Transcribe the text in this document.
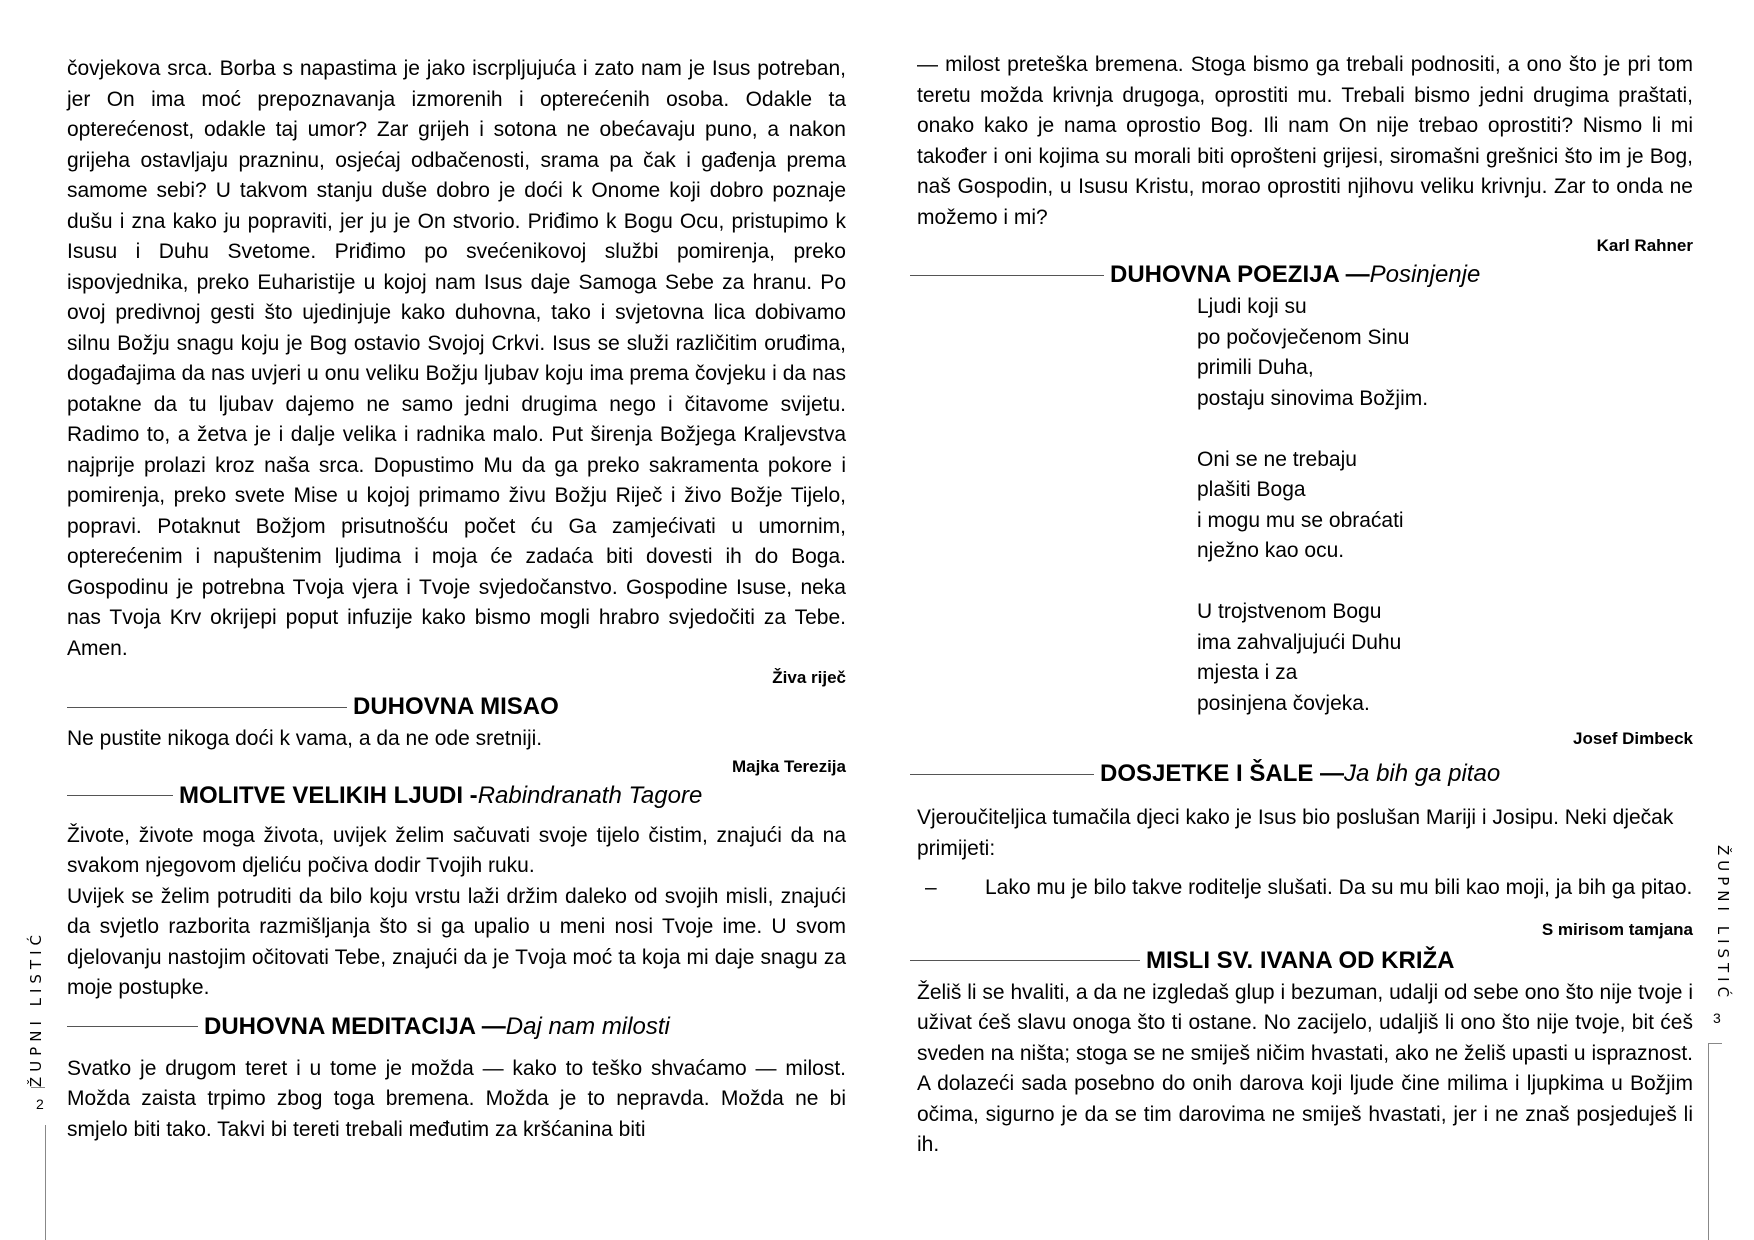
čovjekova srca. Borba s napastima je jako iscrpljujuća i zato nam je Isus potreban, jer On ima moć prepoznavanja izmorenih i opterećenih osoba. Odakle ta opterećenost, odakle taj umor? Zar grijeh i sotona ne obećavaju puno, a nakon grijeha ostavljaju prazninu, osjećaj odbačenosti, srama pa čak i gađenja prema samome sebi? U takvom stanju duše dobro je doći k Onome koji dobro poznaje dušu i zna kako ju popraviti, jer ju je On stvorio. Priđimo k Bogu Ocu, pristupimo k Isusu i Duhu Svetome. Priđimo po svećenikovoj službi pomirenja, preko ispovjednika, preko Euharistije u kojoj nam Isus daje Samoga Sebe za hranu. Po ovoj predivnoj gesti što ujedinjuje kako duhovna, tako i svjetovna lica dobivamo silnu Božju snagu koju je Bog ostavio Svojoj Crkvi. Isus se služi različitim oruđima, događajima da nas uvjeri u onu veliku Božju ljubav koju ima prema čovjeku i da nas potakne da tu ljubav dajemo ne samo jedni drugima nego i čitavome svijetu. Radimo to, a žetva je i dalje velika i radnika malo. Put širenja Božjega Kraljevstva najprije prolazi kroz naša srca. Dopustimo Mu da ga preko sakramenta pokore i pomirenja, preko svete Mise u kojoj primamo živu Božju Riječ i živo Božje Tijelo, popravi. Potaknut Božjom prisutnošću počet ću Ga zamjećivati u umornim, opterećenim i napuštenim ljudima i moja će zadaća biti dovesti ih do Boga. Gospodinu je potrebna Tvoja vjera i Tvoje svjedočanstvo. Gospodine Isuse, neka nas Tvoja Krv okrijepi poput infuzije kako bismo mogli hrabro svjedočiti za Tebe. Amen.

Živa riječ
DUHOVNA MISAO

Ne pustite nikoga doći k vama, a da ne ode sretniji.

Majka Terezija
MOLITVE VELIKIH LJUDI - Rabindranath Tagore

Živote, živote moga života, uvijek želim sačuvati svoje tijelo čistim, znajući da na svakom njegovom djeliću počiva dodir Tvojih ruku.

Uvijek se želim potruditi da bilo koju vrstu laži držim daleko od svojih misli, znajući da svjetlo razborita razmišljanja što si ga upalio u meni nosi Tvoje ime. U svom djelovanju nastojim očitovati Tebe, znajući da je Tvoja moć ta koja mi daje snagu za moje postupke.

DUHOVNA MEDITACIJA — Daj nam milosti

Svatko je drugom teret i u tome je možda — kako to teško shvaćamo — milost. Možda zaista trpimo zbog toga bremena. Možda je to nepravda. Možda ne bi smjelo biti tako. Takvi bi tereti trebali međutim za kršćanina biti

— milost preteška bremena. Stoga bismo ga trebali podnositi, a ono što je pri tom teretu možda krivnja drugoga, oprostiti mu. Trebali bismo jedni drugima praštati, onako kako je nama oprostio Bog. Ili nam On nije trebao oprostiti? Nismo li mi također i oni kojima su morali biti oprošteni grijesi, siromašni grešnici što im je Bog, naš Gospodin, u Isusu Kristu, morao oprostiti njihovu veliku krivnju. Zar to onda ne možemo i mi?

Karl Rahner
DUHOVNA POEZIJA — Posinjenje
Ljudi koji su
po počovječenom Sinu
primili Duha,
postaju sinovima Božjim.
Oni se ne trebaju
plašiti Boga
i mogu mu se obraćati
nježno kao ocu.
U trojstvenom Bogu
ima zahvaljujući Duhu
mjesta i za
posinjena čovjeka.
Josef Dimbeck
DOSJETKE I ŠALE — Ja bih ga pitao

Vjeroučiteljica tumačila djeci kako je Isus bio poslušan Mariji i Josipu. Neki dječak primijeti:

–	Lako mu je bilo takve roditelje slušati. Da su mu bili kao moji, ja bih ga pitao.
S mirisom tamjana
MISLI SV. IVANA OD KRIŽA

Želiš li se hvaliti, a da ne izgledaš glup i bezuman, udalji od sebe ono što nije tvoje i uživat ćeš slavu onoga što ti ostane. No zacijelo, udaljiš li ono što nije tvoje, bit ćeš sveden na ništa; stoga se ne smiješ ničim hvastati, ako ne želiš upasti u ispraznost. A dolazeći sada posebno do onih darova koji ljude čine milima i ljupkima u Božjim očima, sigurno je da se tim darovima ne smiješ hvastati, jer i ne znaš posjeduješ li ih.

ŽUPNI LISTIĆ
2
ŽUPNI LISTIĆ
3
